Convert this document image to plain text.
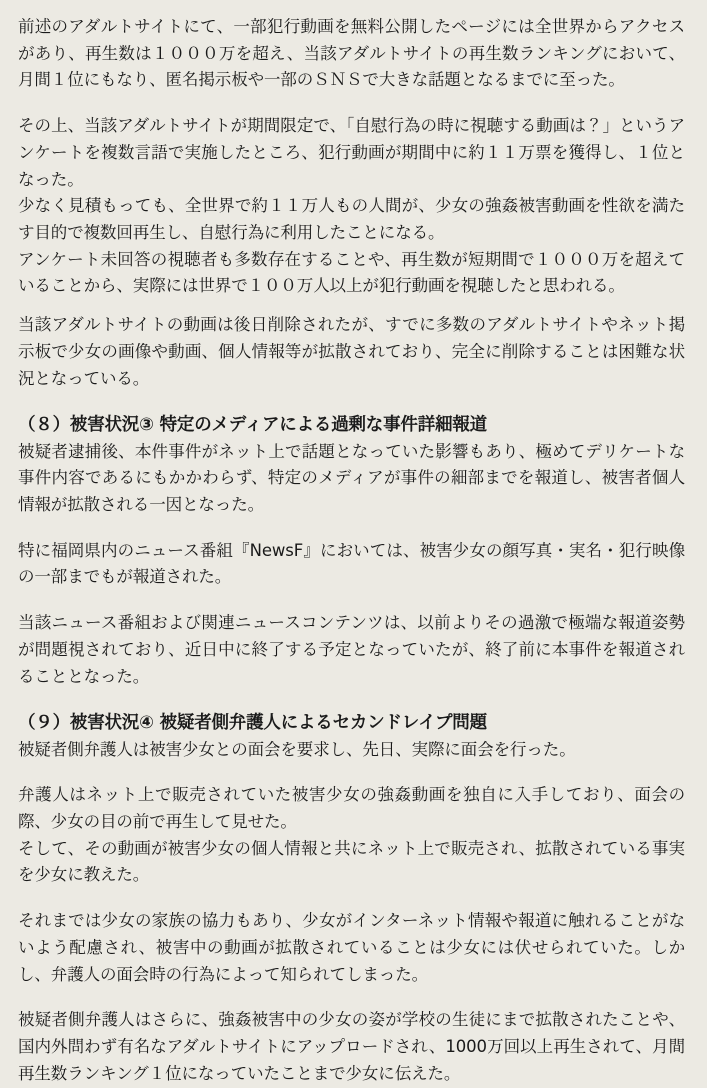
前述のアダルトサイトにて、一部犯行動画を無料公開したページには全世界からアクセスがあり、再生数は１０００万を超え、当該アダルトサイトの再生数ランキングにおいて、月間１位にもなり、匿名掲示板や一部のＳＮＳで大きな話題となるまでに至った。

その上、当該アダルトサイトが期間限定で、「自慰行為の時に視聴する動画は？」というアンケートを複数言語で実施したところ、犯行動画が期間中に約１１万票を獲得し、１位となった。

少なく見積もっても、全世界で約１１万人もの人間が、少女の強姦被害動画を性欲を満たす目的で複数回再生し、自慰行為に利用したことになる。

アンケート未回答の視聴者も多数存在することや、再生数が短期間で１０００万を超えていることから、実際には世界で１００万人以上が犯行動画を視聴したと思われる。

当該アダルトサイトの動画は後日削除されたが、すでに多数のアダルトサイトやネット掲示板で少女の画像や動画、個人情報等が拡散されており、完全に削除することは困難な状況となっている。

（８）被害状況③ 特定のメディアによる過剰な事件詳細報道

被疑者逮捕後、本件事件がネット上で話題となっていた影響もあり、極めてデリケートな事件内容であるにもかかわらず、特定のメディアが事件の細部までを報道し、被害者個人情報が拡散される一因となった。

特に福岡県内のニュース番組『NewsF』においては、被害少女の顔写真・実名・犯行映像の一部までもが報道された。

当該ニュース番組および関連ニュースコンテンツは、以前よりその過激で極端な報道姿勢が問題視されており、近日中に終了する予定となっていたが、終了前に本事件を報道されることとなった。

（９）被害状況④ 被疑者側弁護人によるセカンドレイプ問題

被疑者側弁護人は被害少女との面会を要求し、先日、実際に面会を行った。

弁護人はネット上で販売されていた被害少女の強姦動画を独自に入手しており、面会の際、少女の目の前で再生して見せた。

そして、その動画が被害少女の個人情報と共にネット上で販売され、拡散されている事実を少女に教えた。

それまでは少女の家族の協力もあり、少女がインターネット情報や報道に触れることがないよう配慮され、被害中の動画が拡散されていることは少女には伏せられていた。しかし、弁護人の面会時の行為によって知られてしまった。

被疑者側弁護人はさらに、強姦被害中の少女の姿が学校の生徒にまで拡散されたことや、国内外問わず有名なアダルトサイトにアップロードされ、1000万回以上再生されて、月間再生数ランキング１位になっていたことまで少女に伝えた。
